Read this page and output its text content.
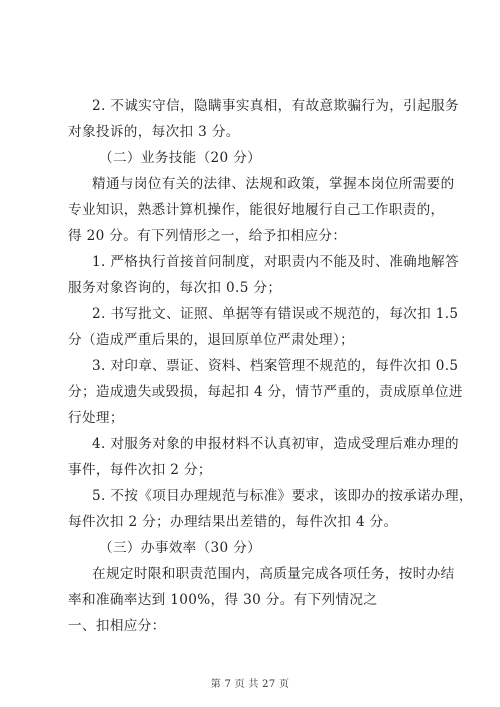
2. 不诚实守信，隐瞒事实真相，有故意欺骗行为，引起服务
对象投诉的，每次扣 3 分。
（二）业务技能（20 分）
精通与岗位有关的法律、法规和政策，掌握本岗位所需要的
专业知识，熟悉计算机操作，能很好地履行自己工作职责的，
得 20 分。有下列情形之一，给予扣相应分：
1. 严格执行首接首问制度，对职责内不能及时、准确地解答
服务对象咨询的，每次扣 0.5 分；
2. 书写批文、证照、单据等有错误或不规范的，每次扣 1.5
分（造成严重后果的，退回原单位严肃处理）；
3. 对印章、票证、资料、档案管理不规范的，每件次扣 0.5
分；造成遗失或毁损，每起扣 4 分，情节严重的，责成原单位进
行处理；
4. 对服务对象的申报材料不认真初审，造成受理后难办理的
事件，每件次扣 2 分；
5. 不按《项目办理规范与标准》要求，该即办的按承诺办理，
每件次扣 2 分；办理结果出差错的，每件次扣 4 分。
（三）办事效率（30 分）
在规定时限和职责范围内，高质量完成各项任务，按时办结
率和准确率达到 100%，得 30 分。有下列情况之
一、扣相应分：
第 7 页 共 27 页
